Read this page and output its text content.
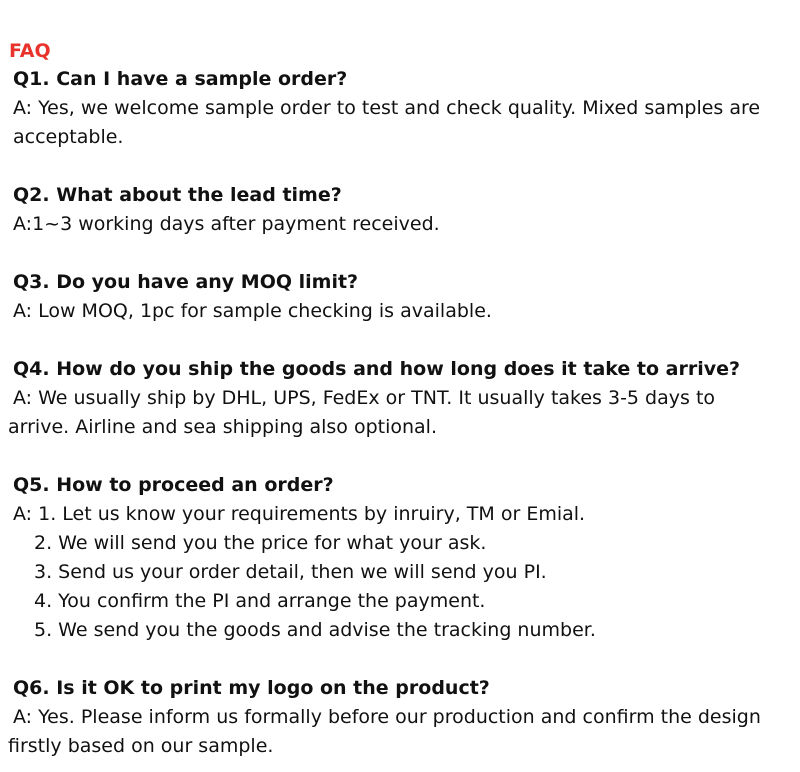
FAQ
Q1. Can I have a sample order?
A: Yes, we welcome sample order to test and check quality. Mixed samples are
acceptable.
Q2. What about the lead time?
A:1~3 working days after payment received.
Q3. Do you have any MOQ limit?
A: Low MOQ, 1pc for sample checking is available.
Q4. How do you ship the goods and how long does it take to arrive?
A: We usually ship by DHL, UPS, FedEx or TNT. It usually takes 3-5 days to
arrive. Airline and sea shipping also optional.
Q5. How to proceed an order?
A: 1. Let us know your requirements by inruiry, TM or Emial.
2. We will send you the price for what your ask.
3. Send us your order detail, then we will send you PI.
4. You confirm the PI and arrange the payment.
5. We send you the goods and advise the tracking number.
Q6. Is it OK to print my logo on the product?
A: Yes. Please inform us formally before our production and confirm the design
firstly based on our sample.
